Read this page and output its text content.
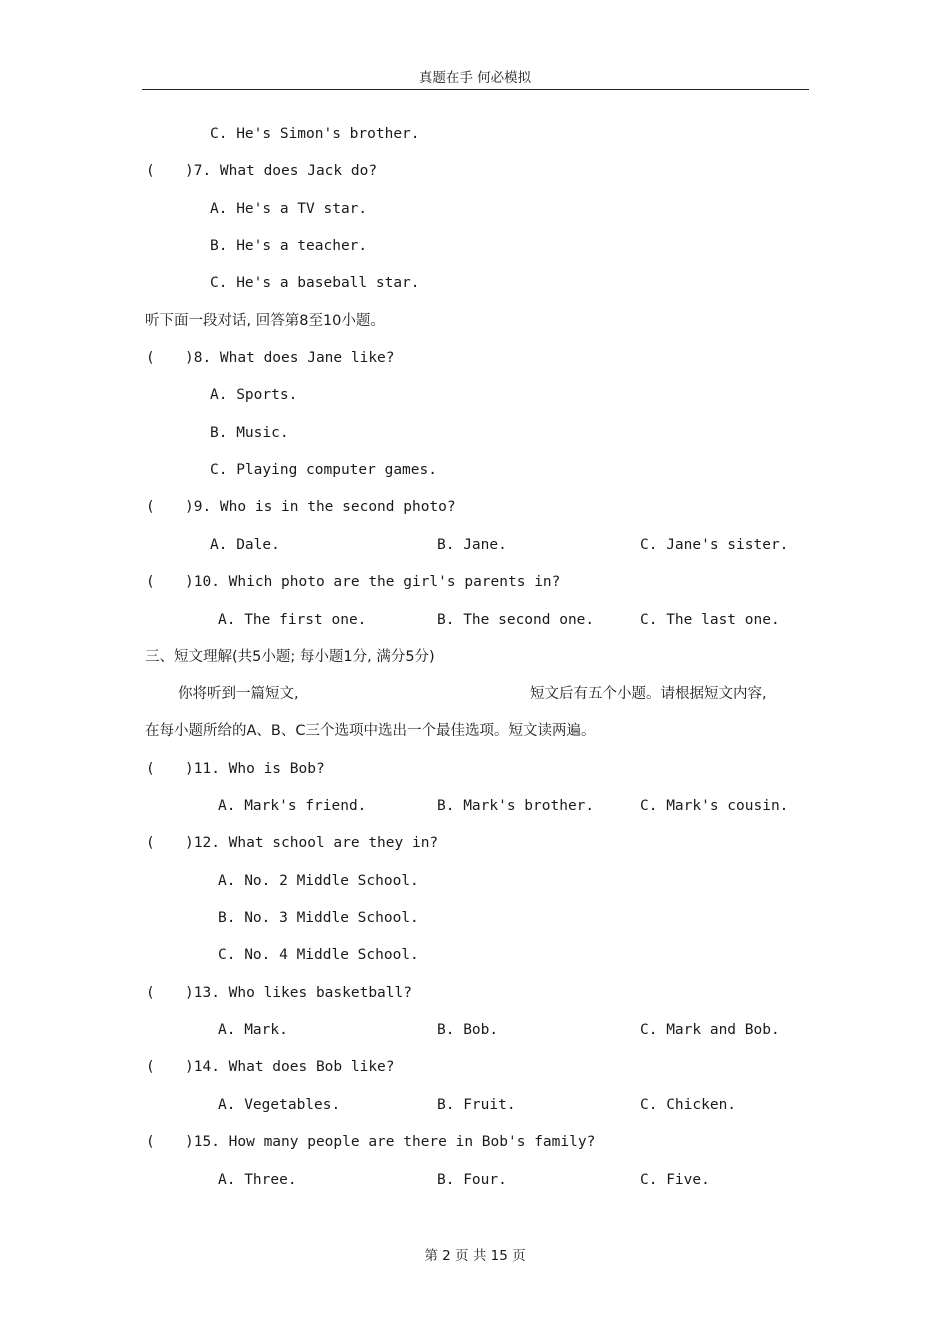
真题在手 何必模拟
C. He's Simon's brother.
( )7. What does Jack do?
A. He's a TV star.
B. He's a teacher.
C. He's a baseball star.
听下面一段对话, 回答第8至10小题。
( )8. What does Jane like?
A. Sports.
B. Music.
C. Playing computer games.
( )9. Who is in the second photo?
A. Dale.	B. Jane.	C. Jane's sister.
( )10. Which photo are the girl's parents in?
A. The first one.	B. The second one.	C. The last one.
三、短文理解(共5小题; 每小题1分, 满分5分)
你将听到一篇短文,	短文后有五个小题。请根据短文内容,
在每小题所给的A、B、C三个选项中选出一个最佳选项。短文读两遍。
( )11. Who is Bob?
A. Mark's friend.	B. Mark's brother.	C. Mark's cousin.
( )12. What school are they in?
A. No. 2 Middle School.
B. No. 3 Middle School.
C. No. 4 Middle School.
( )13. Who likes basketball?
A. Mark.	B. Bob.	C. Mark and Bob.
( )14. What does Bob like?
A. Vegetables.	B. Fruit.	C. Chicken.
( )15. How many people are there in Bob's family?
A. Three.	B. Four.	C. Five.
第 2 页 共 15 页
